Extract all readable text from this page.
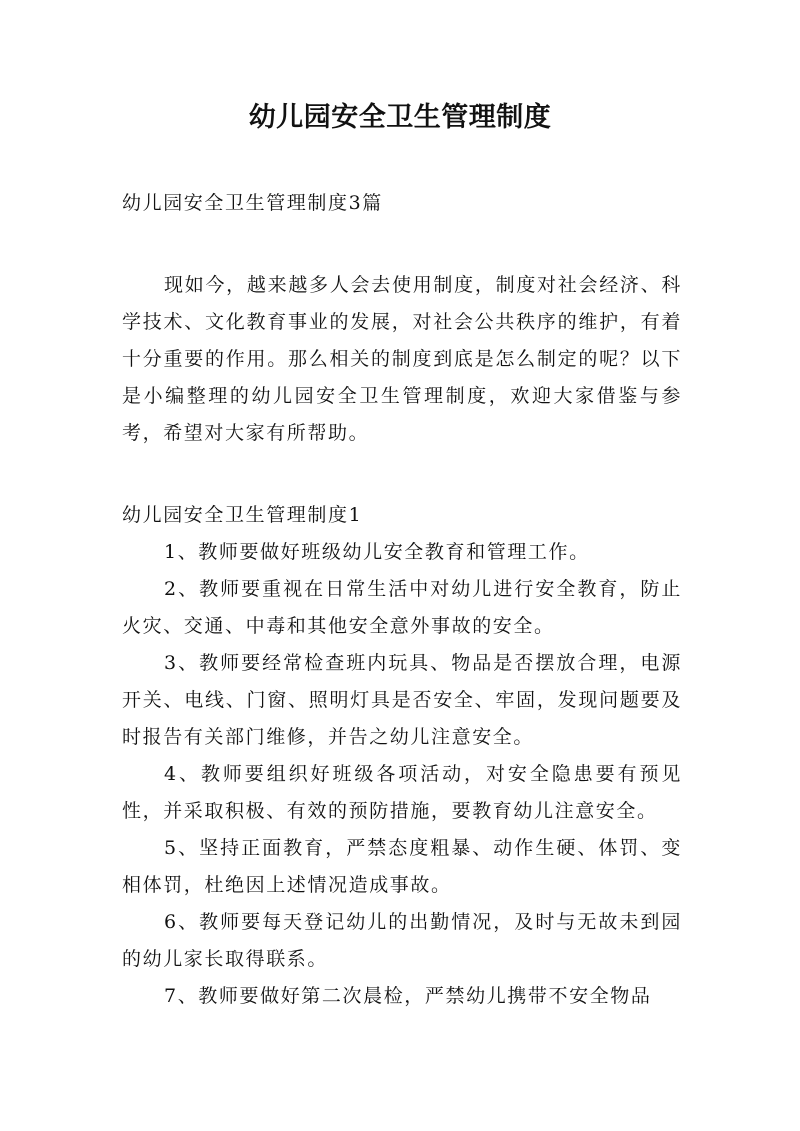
幼儿园安全卫生管理制度

幼儿园安全卫生管理制度3篇

现如今，越来越多人会去使用制度，制度对社会经济、科学技术、文化教育事业的发展，对社会公共秩序的维护，有着十分重要的作用。那么相关的制度到底是怎么制定的呢？以下是小编整理的幼儿园安全卫生管理制度，欢迎大家借鉴与参考，希望对大家有所帮助。

幼儿园安全卫生管理制度1

1、教师要做好班级幼儿安全教育和管理工作。

2、教师要重视在日常生活中对幼儿进行安全教育，防止火灾、交通、中毒和其他安全意外事故的安全。

3、教师要经常检查班内玩具、物品是否摆放合理，电源开关、电线、门窗、照明灯具是否安全、牢固，发现问题要及时报告有关部门维修，并告之幼儿注意安全。

4、教师要组织好班级各项活动，对安全隐患要有预见性，并采取积极、有效的预防措施，要教育幼儿注意安全。

5、坚持正面教育，严禁态度粗暴、动作生硬、体罚、变相体罚，杜绝因上述情况造成事故。

6、教师要每天登记幼儿的出勤情况，及时与无故未到园的幼儿家长取得联系。

7、教师要做好第二次晨检，严禁幼儿携带不安全物品
